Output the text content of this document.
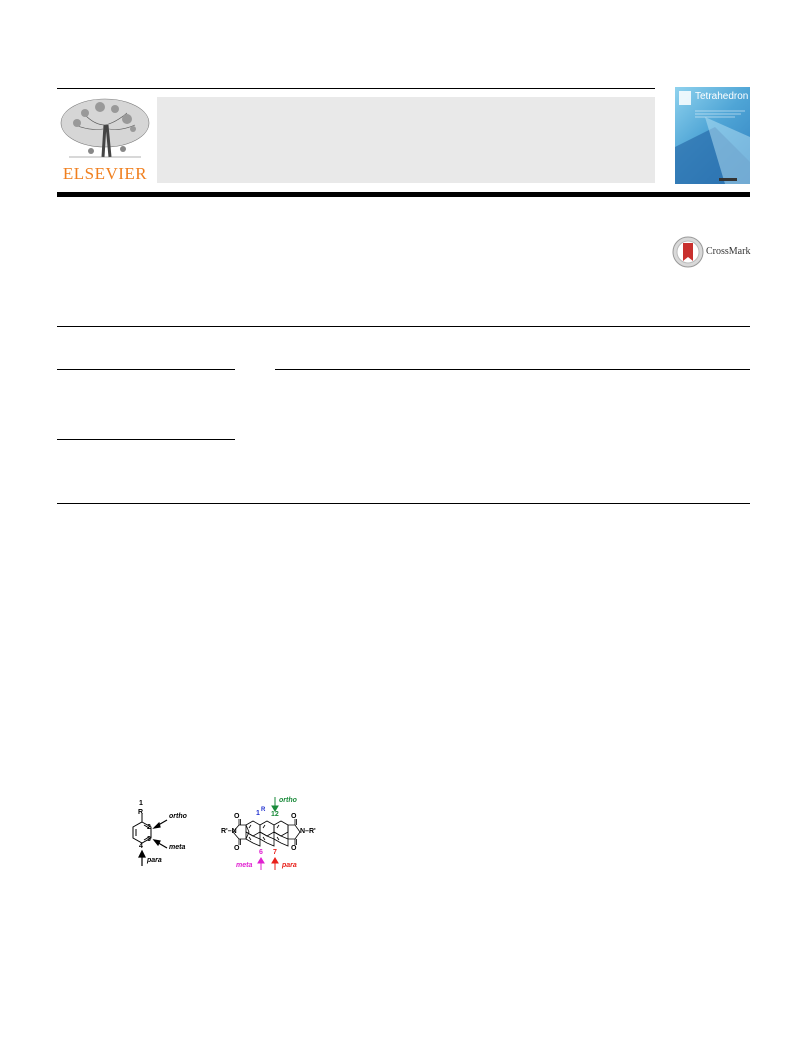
ELSEVIER
Tetrahedron
CrossMark
1
R
2
3
4
ortho
meta
para
ortho
1 R
12
O	O
R'–N	N–R'
O	O
6 7
meta	para
